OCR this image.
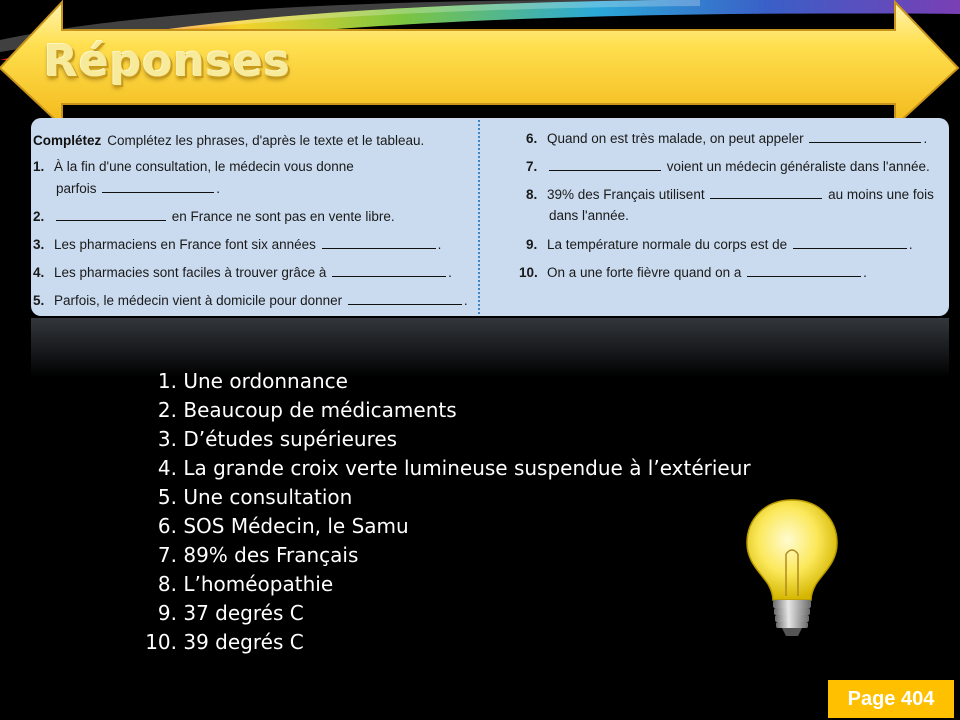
Réponses
Complétez Complétez les phrases, d'après le texte et le tableau.
1. À la fin d'une consultation, le médecin vous donne
parfois	.
2.	en France ne sont pas en vente libre.
3. Les pharmaciens en France font six années	.
4. Les pharmacies sont faciles à trouver grâce à	.
5. Parfois, le médecin vient à domicile pour donner	.
6. Quand on est très malade, on peut appeler	.
7.	voient un médecin généraliste dans l'année.
8. 39% des Français utilisent	au moins une fois
dans l'année.
9. La température normale du corps est de	.
10. On a une forte fièvre quand on a	.
1. Une ordonnance
2. Beaucoup de médicaments
3. D’études supérieures
4. La grande croix verte lumineuse suspendue à l’extérieur
5. Une consultation
6. SOS Médecin, le Samu
7. 89% des Français
8. L’homéopathie
9. 37 degrés C
10. 39 degrés C
Page 404
